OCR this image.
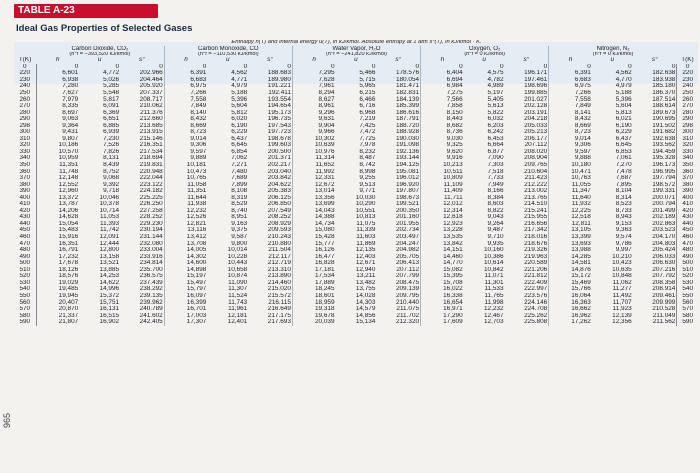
965
TABLE A-23
Ideal Gas Properties of Selected Gases
	Enthalpy h̄(T) and internal energy ū(T), in kJ/kmol. Absolute entropy at 1 atm s̄°(T), in kJ/kmol · K.															
	Carbon Dioxide, CO₂			Carbon Monoxide, CO			Water Vapor, H₂O			Oxygen, O₂			Nitrogen, N₂			
	(h̄°f = −393,520 kJ/kmol)			(h̄°f = −110,530 kJ/kmol)			(h̄°f = −241,820 kJ/kmol)			(h̄°f = 0 kJ/kmol)			(h̄°f = 0 kJ/kmol)			
T(K)	h̄	ū	s̄°	h̄	ū	s̄°	h̄	ū	s̄°	h̄	ū	s̄°	h̄	ū	s̄°	T(K)
0	0	0	0	0	0	0	0	0	0	0	0	0	0	0	0	0
220	6,601	4,772	202.966	6,391	4,562	188.683	7,295	5,466	178.576	6,404	4,575	196.171	6,391	4,562	182.638	220
230	6,938	5,026	204.464	6,683	4,771	189.980	7,628	5,715	180.054	6,694	4,782	197.461	6,683	4,770	183.938	230
240	7,280	5,285	205.920	6,975	4,979	191.221	7,961	5,965	181.471	6,984	4,989	198.696	6,975	4,979	185.180	240
250	7,627	5,548	207.337	7,266	5,188	192.411	8,294	6,215	182.831	7,275	5,197	199.885	7,266	5,188	186.370	250
260	7,979	5,817	208.717	7,558	5,396	193.554	8,627	6,466	184.139	7,566	5,405	201.027	7,558	5,396	187.514	260
270	8,335	6,091	210.062	7,849	5,604	194.654	8,961	6,716	185.399	7,858	5,613	202.128	7,849	5,604	188.614	270
280	8,697	6,369	211.376	8,140	5,812	195.173	9,296	6,968	186.616	8,150	5,822	203.191	8,141	5,813	189.673	280
290	9,063	6,651	212.660	8,432	6,020	196.735	9,631	7,219	187.791	8,443	6,032	204.218	8,432	6,021	190.695	290
298	9,364	6,885	213.685	8,669	6,190	197.543	9,904	7,425	188.720	8,682	6,203	205.033	8,669	6,190	191.502	298
300	9,431	6,939	213.915	8,723	6,229	197.723	9,966	7,472	188.928	8,736	6,242	205.213	8,723	6,229	191.682	300
310	9,807	7,230	215.146	9,014	6,437	198.678	10,302	7,725	190.030	9,030	6,453	206.177	9,014	6,437	192.638	310
320	10,186	7,526	216.351	9,306	6,645	199.603	10,639	7,978	191.098	9,325	6,664	207.112	9,306	6,645	193.562	320
330	10,570	7,826	217.534	9,597	6,854	200.500	10,976	8,232	192.136	9,620	6,877	208.020	9,597	6,853	194.459	330
340	10,959	8,131	218.694	9,889	7,062	201.371	11,314	8,487	193.144	9,916	7,090	208.904	9,888	7,061	195.328	340
350	11,351	8,439	219.831	10,181	7,271	202.217	11,652	8,742	194.125	10,213	7,303	209.765	10,180	7,270	196.173	350
360	11,748	8,752	220.948	10,473	7,480	203.040	11,992	8,998	195.081	10,511	7,518	210.604	10,471	7,478	196.995	360
370	12,148	9,068	222.044	10,765	7,689	203.842	12,331	9,255	196.012	10,809	7,733	211.423	10,763	7,687	197.794	370
380	12,552	9,392	223.122	11,058	7,899	204.622	12,672	9,513	196.920	11,109	7,949	212.222	11,055	7,895	198.572	380
390	12,960	9,718	224.182	11,351	8,108	205.383	13,014	9,771	197.807	11,409	8,166	213.002	11,347	8,104	199.331	390
400	13,372	10,046	225.225	11,644	8,319	206.125	13,356	10,030	198.673	11,711	8,384	213.765	11,640	8,314	200.071	400
410	13,787	10,378	226.250	11,938	8,529	206.850	13,699	10,290	199.521	12,012	8,603	214.510	11,932	8,523	200.794	410
420	14,206	10,714	227.258	12,232	8,740	207.549	14,043	10,551	200.350	12,314	8,822	215.241	12,225	8,733	201.499	420
430	14,628	11,053	228.252	12,526	8,951	208.252	14,388	10,813	201.160	12,618	9,043	215.955	12,518	8,943	202.189	430
440	15,054	11,393	229.230	12,821	9,163	208.929	14,734	11,075	201.955	12,923	9,264	216.656	12,811	9,153	202.863	440
450	15,483	11,742	230.194	13,116	9,375	209.593	15,080	11,339	202.734	13,228	9,487	217.342	13,105	9,363	203.523	450
460	15,916	12,091	231.144	13,412	9,587	210.243	15,428	11,603	203.497	13,535	9,710	218.016	13,399	9,574	204.170	460
470	16,351	12,444	232.080	13,708	9,800	210.880	15,777	11,869	204.247	13,842	9,935	218.676	13,693	9,786	204.803	470
480	16,791	12,800	233.004	14,005	10,014	211.504	16,126	12,135	204.982	14,151	10,160	219.326	13,988	9,997	205.424	480
490	17,232	13,158	233.916	14,302	10,228	212.117	16,477	12,403	205.705	14,460	10,386	219.963	14,285	10,210	206.033	490
500	17,678	13,521	234.814	14,600	10,443	212.719	16,828	12,671	206.413	14,770	10,614	220.589	14,581	10,423	206.630	500
510	18,126	13,885	235.700	14,898	10,658	213.310	17,181	12,940	207.112	15,082	10,842	221.206	14,876	10,635	207.216	510
520	18,576	14,253	236.575	15,197	10,874	213.890	17,534	13,211	207.799	15,395	11,071	221.812	15,172	10,848	207.792	520
530	19,029	14,622	237.439	15,497	11,090	214.460	17,889	13,482	208.475	15,708	11,301	222.409	15,469	11,062	208.358	530
540	19,485	14,996	238.292	15,797	11,307	215.020	18,245	13,755	209.139	16,022	11,533	222.997	15,766	11,277	208.914	540
550	19,945	15,372	239.135	16,097	11,524	215.572	18,601	14,028	209.795	16,338	11,765	223.576	16,064	11,492	209.461	550
560	20,407	15,751	239.962	16,399	11,743	216.115	18,959	14,303	210.440	16,654	11,998	224.146	16,363	11,707	209.999	560
570	20,870	16,131	240.789	16,701	11,961	216.649	19,318	14,579	211.075	16,971	12,232	224.708	16,662	11,923	210.528	570
580	21,337	16,515	241.602	17,003	12,181	217.175	19,678	14,856	211.702	17,290	12,467	225.262	16,962	12,139	211.049	580
590	21,807	16,902	242.405	17,307	12,401	217.693	20,039	15,134	212.320	17,609	12,703	225.808	17,262	12,356	211.562	590
